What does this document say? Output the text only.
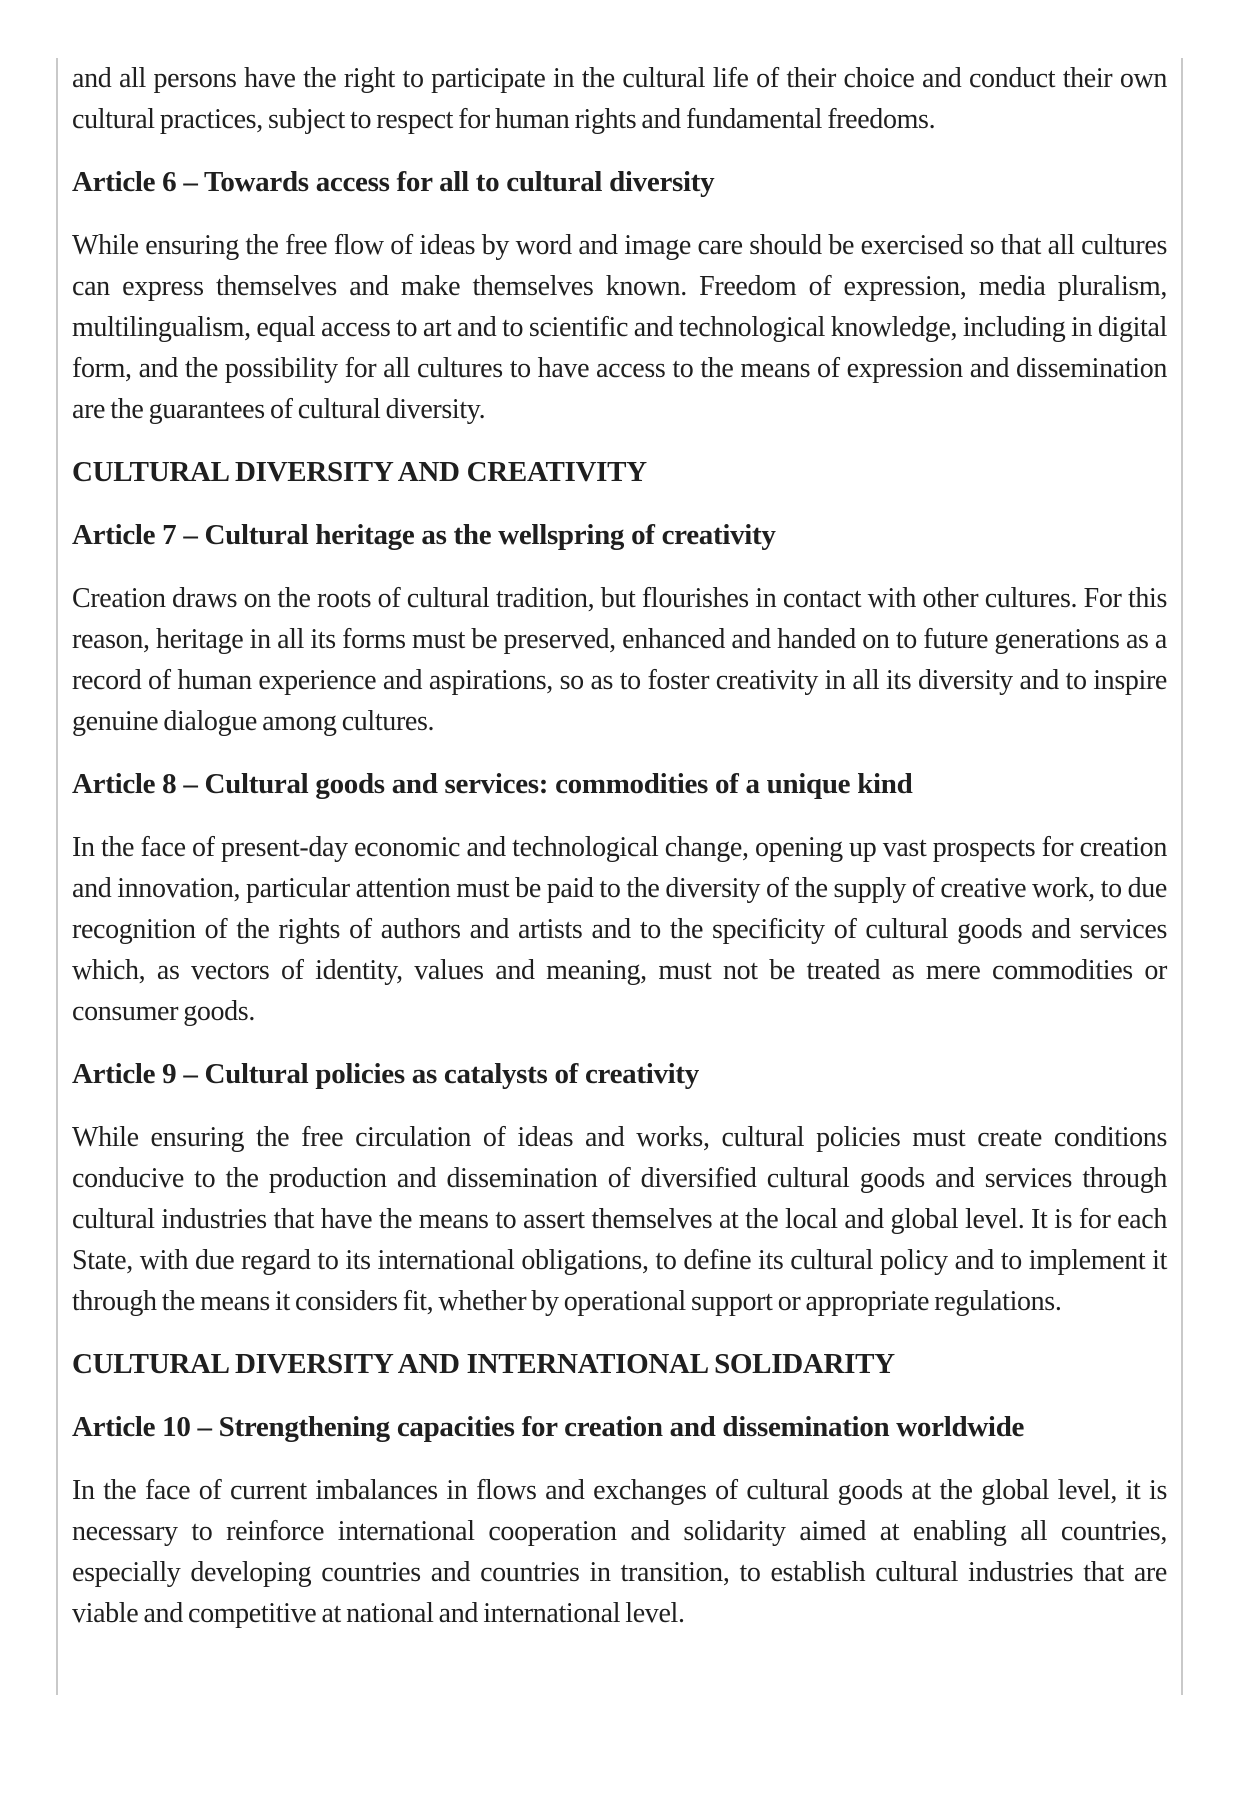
and all persons have the right to participate in the cultural life of their choice and conduct their own cultural practices, subject to respect for human rights and fundamental freedoms.

Article 6 – Towards access for all to cultural diversity

While ensuring the free flow of ideas by word and image care should be exercised so that all cultures can express themselves and make themselves known. Freedom of expression, media pluralism, multilingualism, equal access to art and to scientific and technological knowledge, including in digital form, and the possibility for all cultures to have access to the means of expression and dissemination are the guarantees of cultural diversity.

CULTURAL DIVERSITY AND CREATIVITY
Article 7 – Cultural heritage as the wellspring of creativity

Creation draws on the roots of cultural tradition, but flourishes in contact with other cultures. For this reason, heritage in all its forms must be preserved, enhanced and handed on to future generations as a record of human experience and aspirations, so as to foster creativity in all its diversity and to inspire genuine dialogue among cultures.

Article 8 – Cultural goods and services: commodities of a unique kind

In the face of present-day economic and technological change, opening up vast prospects for creation and innovation, particular attention must be paid to the diversity of the supply of creative work, to due recognition of the rights of authors and artists and to the specificity of cultural goods and services which, as vectors of identity, values and meaning, must not be treated as mere commodities or consumer goods.

Article 9 – Cultural policies as catalysts of creativity

While ensuring the free circulation of ideas and works, cultural policies must create conditions conducive to the production and dissemination of diversified cultural goods and services through cultural industries that have the means to assert themselves at the local and global level. It is for each State, with due regard to its international obligations, to define its cultural policy and to implement it through the means it considers fit, whether by operational support or appropriate regulations.

CULTURAL DIVERSITY AND INTERNATIONAL SOLIDARITY
Article 10 – Strengthening capacities for creation and dissemination worldwide

In the face of current imbalances in flows and exchanges of cultural goods at the global level, it is necessary to reinforce international cooperation and solidarity aimed at enabling all countries, especially developing countries and countries in transition, to establish cultural industries that are viable and competitive at national and international level.
